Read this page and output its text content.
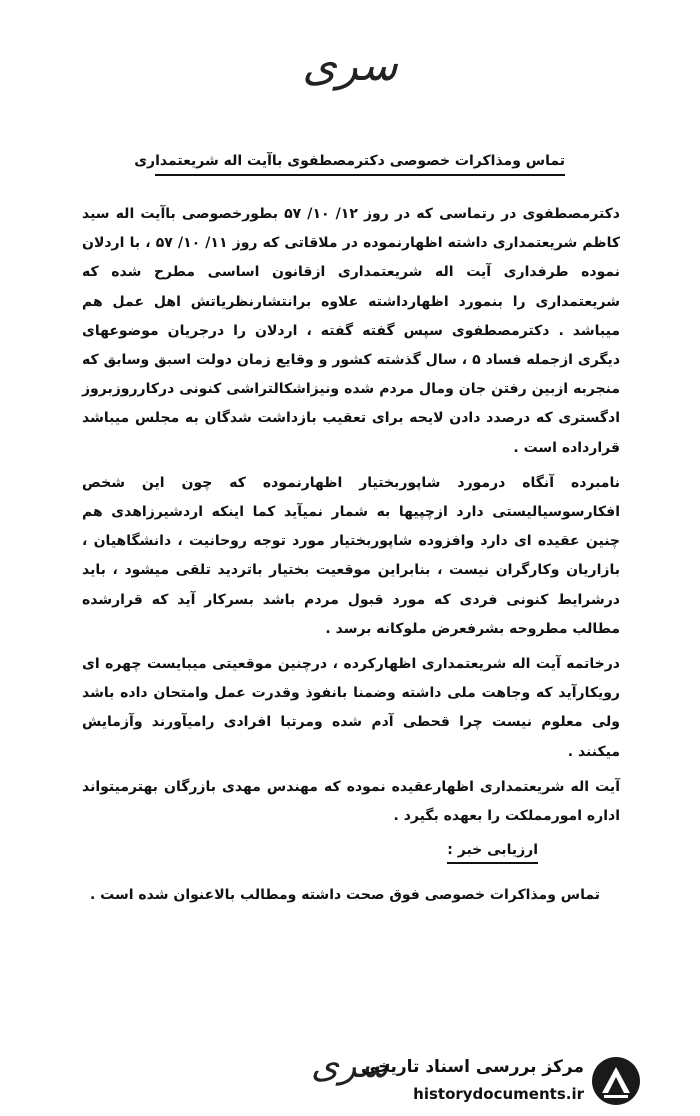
سری
تماس ومذاکرات خصوصی دکترمصطفوی باآیت اله شریعتمداری

دکترمصطفوی در رتماسی که در روز ۱۲/ ۱۰/ ۵۷ بطورخصوصی باآیت اله سید کاظم شریعتمداری داشته اظهارنموده در ملاقاتی که روز ۱۱/ ۱۰/ ۵۷ ، با اردلان نموده طرفداری آیت اله شریعتمداری ازقانون اساسی مطرح شده که شریعتمداری را بنمورد اظهارداشته علاوه برانتشارنظریاتش اهل عمل هم میباشد . دکترمصطفوی سپس گفته گفته ، اردلان را درجریان موضوعهای دیگری ازجمله فساد ۵ ، سال گذشته کشور و وقایع زمان دولت اسبق وسابق که منجربه ازبین رفتن جان ومال مردم شده ونیزاشکالتراشی کنونی درکارروزبروز ادگستری که درصدد دادن لایحه برای تعقیب بازداشت شدگان به مجلس میباشد قرارداده است .

نامبرده آنگاه درمورد شاپوربختیار اظهارنموده که چون این شخص افکارسوسیالیستی دارد ازچپیها به شمار نمیآید کما اینکه اردشیرزاهدی هم چنین عقیده ای دارد وافزوده شاپوربختیار مورد توجه روحانیت ، دانشگاهیان ، بازاریان وکارگران نیست ، بنابراین موقعیت بختیار باتردید تلقی میشود ، باید درشرایط کنونی فردی که مورد قبول مردم باشد بسرکار آید که قرارشده مطالب مطروحه بشرفعرض ملوکانه برسد .

درخاتمه آیت اله شریعتمداری اظهارکرده ، درچنین موقعیتی میبایست چهره ای رویکارآید که وجاهت ملی داشته وضمنا بانفوذ وقدرت عمل وامتحان داده باشد ولی معلوم نیست چرا قحطی آدم شده ومرتبا افرادی رامیآورند وآزمایش میکنند .

آیت اله شریعتمداری اظهارعقیده نموده که مهندس مهدی بازرگان بهترمیتواند اداره امورمملکت را بعهده بگیرد .

ارزیابی خبر :
تماس ومذاکرات خصوصی فوق صحت داشته ومطالب بالاعنوان شده است .
سری
مرکز بررسی اسناد تاریخی
historydocuments.ir
